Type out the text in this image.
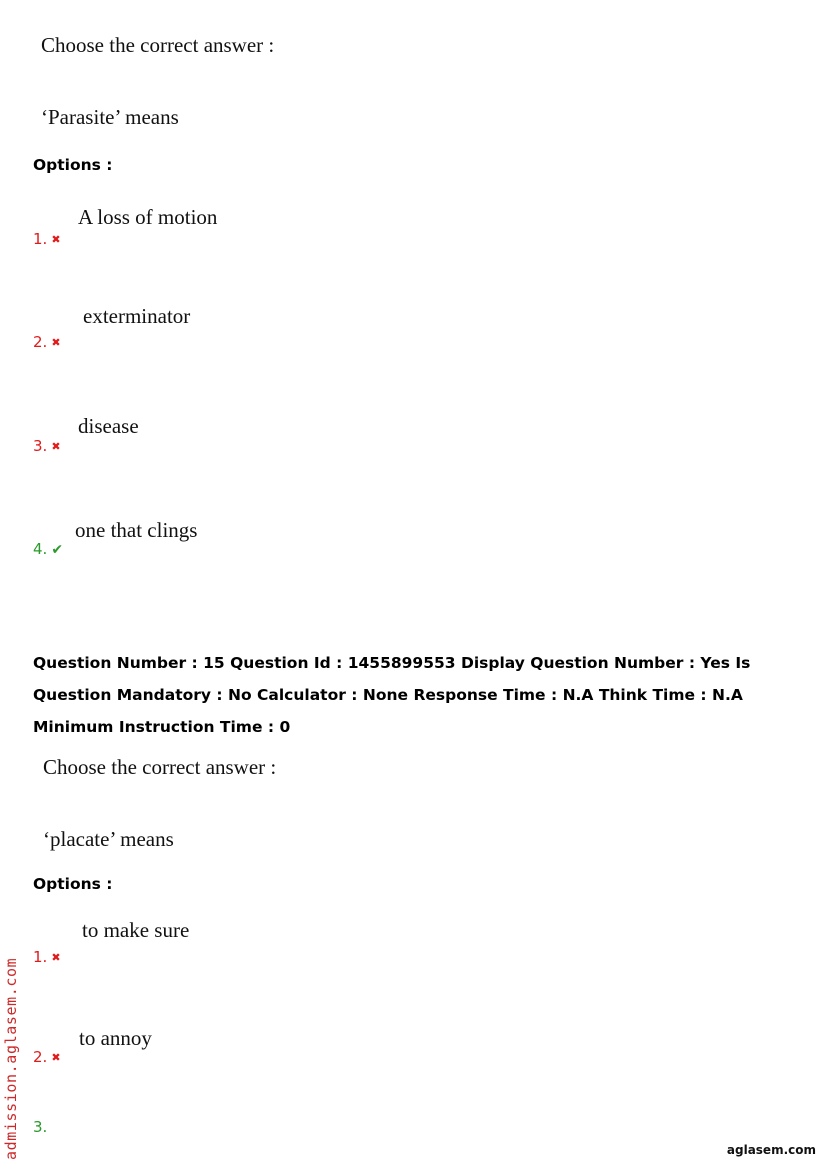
Choose the correct answer :
‘Parasite’ means
Options :
A loss of motion
1. ✖
exterminator
2. ✖
disease
3. ✖
one that clings
4. ✔
Question Number : 15 Question Id : 1455899553 Display Question Number : Yes Is Question Mandatory : No Calculator : None Response Time : N.A Think Time : N.A Minimum Instruction Time : 0
Choose the correct answer :
‘placate’ means
Options :
to make sure
1. ✖
to annoy
2. ✖
3.
admission.aglasem.com	aglasem.com
